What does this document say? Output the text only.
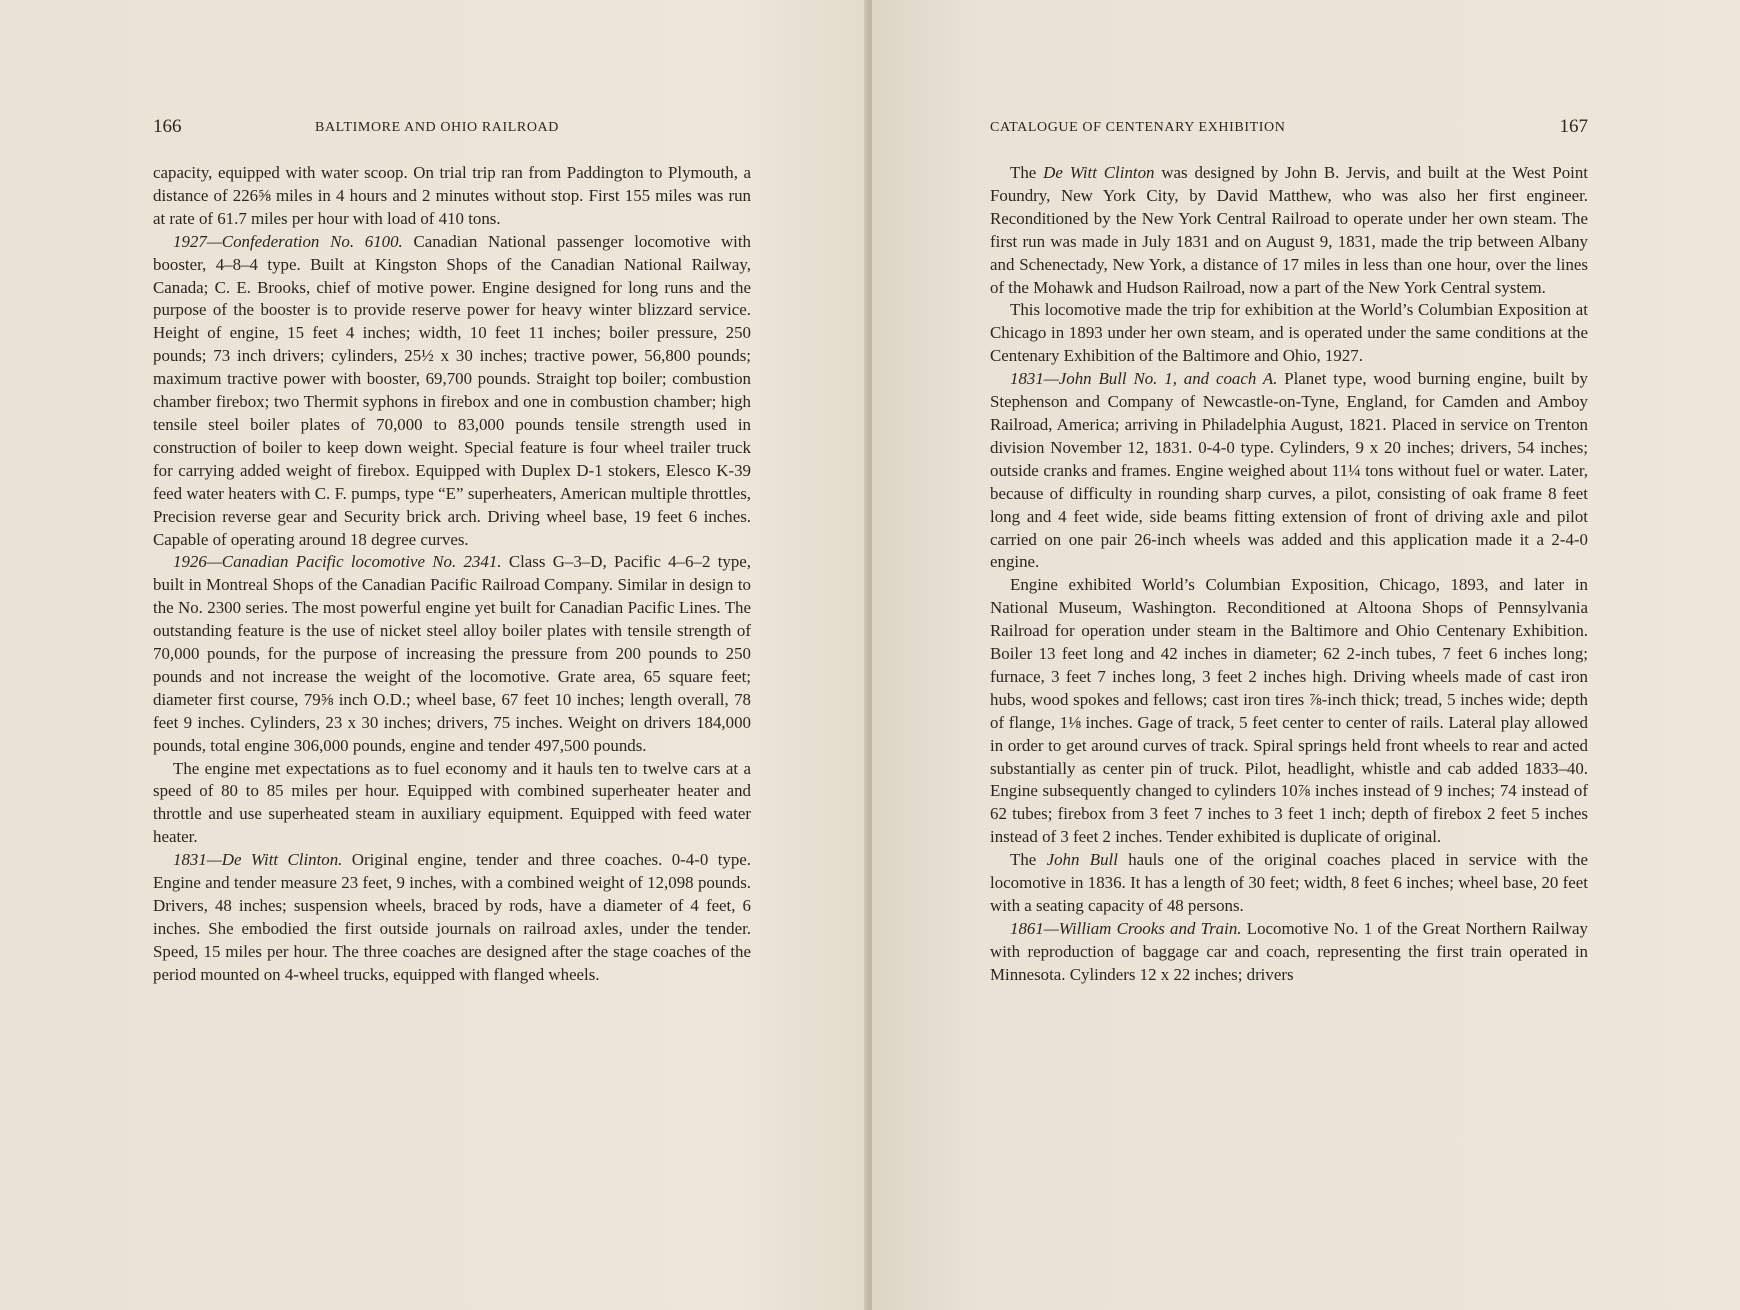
166	BALTIMORE AND OHIO RAILROAD

capacity, equipped with water scoop. On trial trip ran from Paddington to Plymouth, a distance of 226⅝ miles in 4 hours and 2 minutes without stop. First 155 miles was run at rate of 61.7 miles per hour with load of 410 tons.

1927—Confederation No. 6100. Canadian National passenger locomotive with booster, 4–8–4 type. Built at Kingston Shops of the Canadian National Railway, Canada; C. E. Brooks, chief of motive power. Engine designed for long runs and the purpose of the booster is to provide reserve power for heavy winter blizzard service. Height of engine, 15 feet 4 inches; width, 10 feet 11 inches; boiler pressure, 250 pounds; 73 inch drivers; cylinders, 25½ x 30 inches; tractive power, 56,800 pounds; maximum tractive power with booster, 69,700 pounds. Straight top boiler; combustion chamber firebox; two Thermit syphons in firebox and one in combustion chamber; high tensile steel boiler plates of 70,000 to 83,000 pounds tensile strength used in construction of boiler to keep down weight. Special feature is four wheel trailer truck for carrying added weight of firebox. Equipped with Duplex D-1 stokers, Elesco K-39 feed water heaters with C. F. pumps, type “E” superheaters, American multiple throttles, Precision reverse gear and Security brick arch. Driving wheel base, 19 feet 6 inches. Capable of operating around 18 degree curves.

1926—Canadian Pacific locomotive No. 2341. Class G–3–D, Pacific 4–6–2 type, built in Montreal Shops of the Canadian Pacific Railroad Company. Similar in design to the No. 2300 series. The most powerful engine yet built for Canadian Pacific Lines. The outstanding feature is the use of nicket steel alloy boiler plates with tensile strength of 70,000 pounds, for the purpose of increasing the pressure from 200 pounds to 250 pounds and not increase the weight of the locomotive. Grate area, 65 square feet; diameter first course, 79⅝ inch O.D.; wheel base, 67 feet 10 inches; length overall, 78 feet 9 inches. Cylinders, 23 x 30 inches; drivers, 75 inches. Weight on drivers 184,000 pounds, total engine 306,000 pounds, engine and tender 497,500 pounds.

The engine met expectations as to fuel economy and it hauls ten to twelve cars at a speed of 80 to 85 miles per hour. Equipped with combined superheater heater and throttle and use superheated steam in auxiliary equipment. Equipped with feed water heater.

1831—De Witt Clinton. Original engine, tender and three coaches. 0-4-0 type. Engine and tender measure 23 feet, 9 inches, with a combined weight of 12,098 pounds. Drivers, 48 inches; suspension wheels, braced by rods, have a diameter of 4 feet, 6 inches. She embodied the first outside journals on railroad axles, under the tender. Speed, 15 miles per hour. The three coaches are designed after the stage coaches of the period mounted on 4-wheel trucks, equipped with flanged wheels.

CATALOGUE OF CENTENARY EXHIBITION	167

The De Witt Clinton was designed by John B. Jervis, and built at the West Point Foundry, New York City, by David Matthew, who was also her first engineer. Reconditioned by the New York Central Railroad to operate under her own steam. The first run was made in July 1831 and on August 9, 1831, made the trip between Albany and Schenectady, New York, a distance of 17 miles in less than one hour, over the lines of the Mohawk and Hudson Railroad, now a part of the New York Central system.

This locomotive made the trip for exhibition at the World’s Columbian Exposition at Chicago in 1893 under her own steam, and is operated under the same conditions at the Centenary Exhibition of the Baltimore and Ohio, 1927.

1831—John Bull No. 1, and coach A. Planet type, wood burning engine, built by Stephenson and Company of Newcastle-on-Tyne, England, for Camden and Amboy Railroad, America; arriving in Philadelphia August, 1821. Placed in service on Trenton division November 12, 1831. 0-4-0 type. Cylinders, 9 x 20 inches; drivers, 54 inches; outside cranks and frames. Engine weighed about 11¼ tons without fuel or water. Later, because of difficulty in rounding sharp curves, a pilot, consisting of oak frame 8 feet long and 4 feet wide, side beams fitting extension of front of driving axle and pilot carried on one pair 26-inch wheels was added and this application made it a 2-4-0 engine.

Engine exhibited World’s Columbian Exposition, Chicago, 1893, and later in National Museum, Washington. Reconditioned at Altoona Shops of Pennsylvania Railroad for operation under steam in the Baltimore and Ohio Centenary Exhibition. Boiler 13 feet long and 42 inches in diameter; 62 2-inch tubes, 7 feet 6 inches long; furnace, 3 feet 7 inches long, 3 feet 2 inches high. Driving wheels made of cast iron hubs, wood spokes and fellows; cast iron tires ⅞-inch thick; tread, 5 inches wide; depth of flange, 1⅛ inches. Gage of track, 5 feet center to center of rails. Lateral play allowed in order to get around curves of track. Spiral springs held front wheels to rear and acted substantially as center pin of truck. Pilot, headlight, whistle and cab added 1833–40. Engine subsequently changed to cylinders 10⅞ inches instead of 9 inches; 74 instead of 62 tubes; firebox from 3 feet 7 inches to 3 feet 1 inch; depth of firebox 2 feet 5 inches instead of 3 feet 2 inches. Tender exhibited is duplicate of original.

The John Bull hauls one of the original coaches placed in service with the locomotive in 1836. It has a length of 30 feet; width, 8 feet 6 inches; wheel base, 20 feet with a seating capacity of 48 persons.

1861—William Crooks and Train. Locomotive No. 1 of the Great Northern Railway with reproduction of baggage car and coach, representing the first train operated in Minnesota. Cylinders 12 x 22 inches; drivers
